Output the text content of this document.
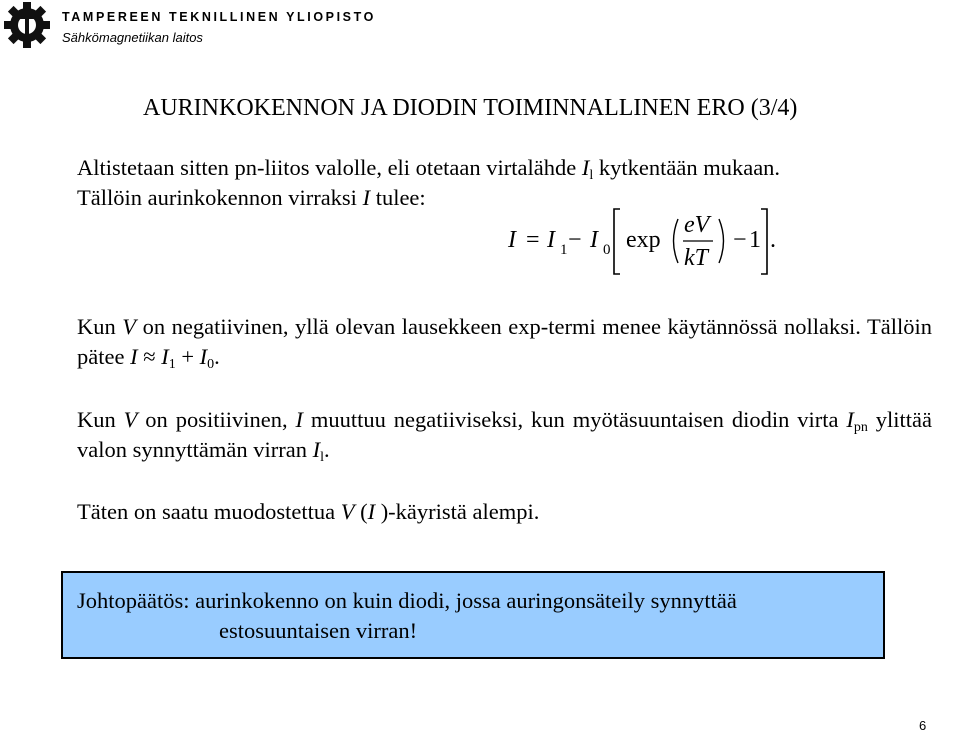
TAMPEREEN TEKNILLINEN YLIOPISTO
Sähkömagnetiikan laitos
AURINKOKENNON JA DIODIN TOIMINNALLINEN ERO (3/4)
Altistetaan sitten pn-liitos valolle, eli otetaan virtalähde $I_l$ kytkentään mukaan.
Tällöin aurinkokennon virraksi I tulee:
I = I 1 − I 0 exp
eV
kT
− 1 .
Kun V on negatiivinen, yllä olevan lausekkeen exp-termi menee käytännössä nollaksi. Tällöin pätee $I \approx I_1 + I_0$.
Kun V on positiivinen, I muuttuu negatiiviseksi, kun myötäsuuntaisen diodin virta $I_{pn}$ ylittää valon synnyttämän virran $I_l$.
Täten on saatu muodostettua V (I )-käyristä alempi.
Johtopäätös: aurinkokenno on kuin diodi, jossa auringonsäteily synnyttää
estosuuntaisen virran!
6
